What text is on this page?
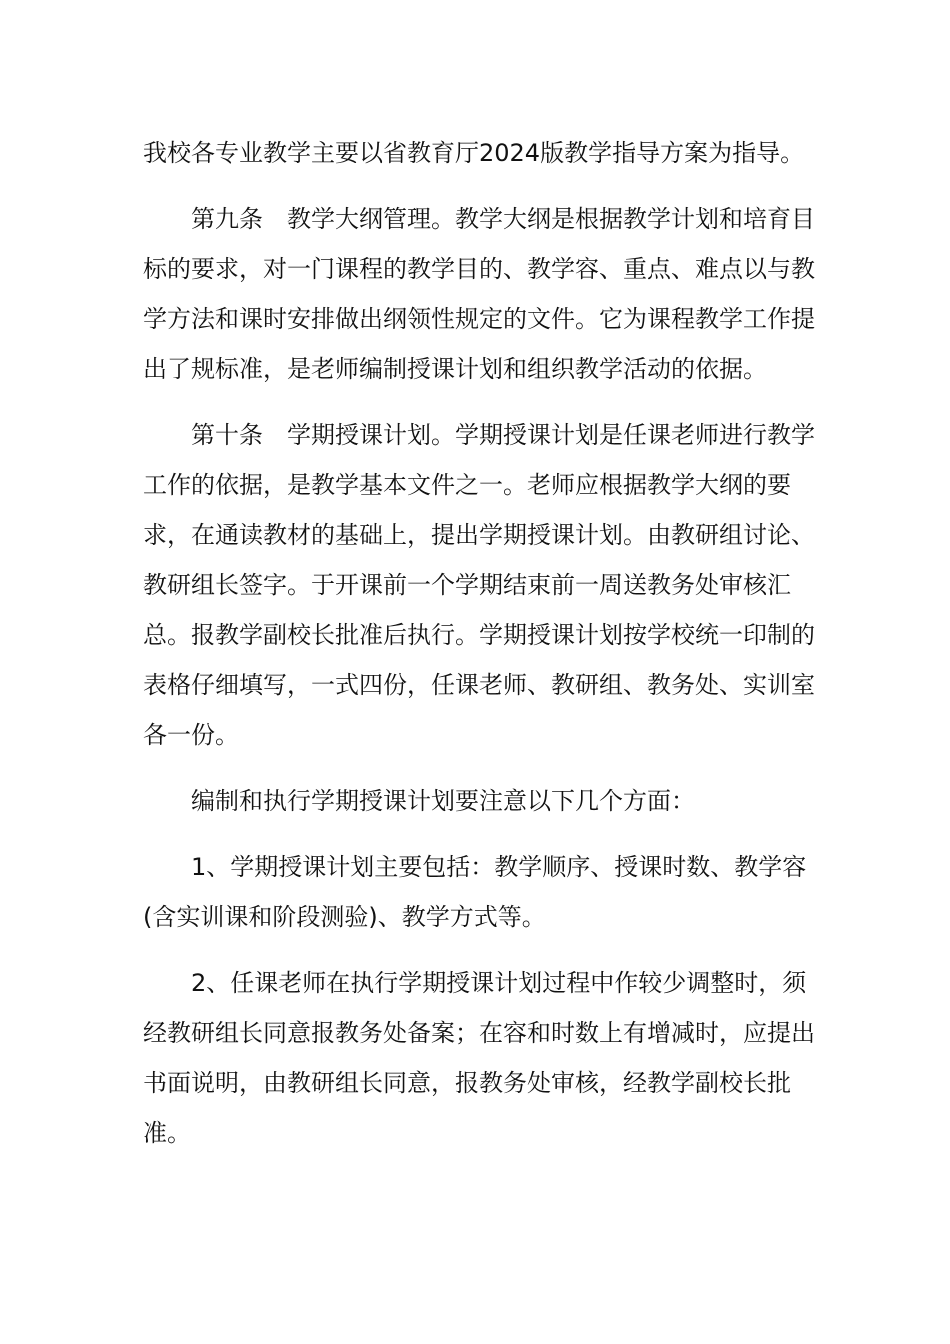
我校各专业教学主要以省教育厅2024版教学指导方案为指导。

第九条　教学大纲管理。教学大纲是根据教学计划和培育目标的要求，对一门课程的教学目的、教学容、重点、难点以与教学方法和课时安排做出纲领性规定的文件。它为课程教学工作提出了规标准，是老师编制授课计划和组织教学活动的依据。

第十条　学期授课计划。学期授课计划是任课老师进行教学工作的依据，是教学基本文件之一。老师应根据教学大纲的要求，在通读教材的基础上，提出学期授课计划。由教研组讨论、教研组长签字。于开课前一个学期结束前一周送教务处审核汇总。报教学副校长批准后执行。学期授课计划按学校统一印制的表格仔细填写，一式四份，任课老师、教研组、教务处、实训室各一份。

编制和执行学期授课计划要注意以下几个方面：

1、学期授课计划主要包括：教学顺序、授课时数、教学容(含实训课和阶段测验)、教学方式等。

2、任课老师在执行学期授课计划过程中作较少调整时，须经教研组长同意报教务处备案；在容和时数上有增减时，应提出书面说明，由教研组长同意，报教务处审核，经教学副校长批准。
